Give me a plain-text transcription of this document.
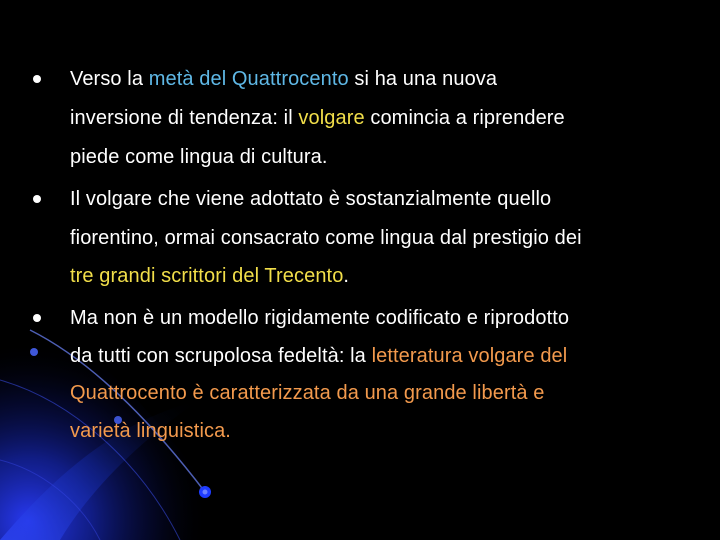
Verso la metà del Quattrocento si ha una nuova
inversione di tendenza: il volgare comincia a riprendere
piede come lingua di cultura.
Il volgare che viene adottato è sostanzialmente quello
fiorentino, ormai consacrato come lingua dal prestigio dei
tre grandi scrittori del Trecento.
Ma non è un modello rigidamente codificato e riprodotto
da tutti con scrupolosa fedeltà: la letteratura volgare del
Quattrocento è caratterizzata da una grande libertà e
varietà linguistica.
